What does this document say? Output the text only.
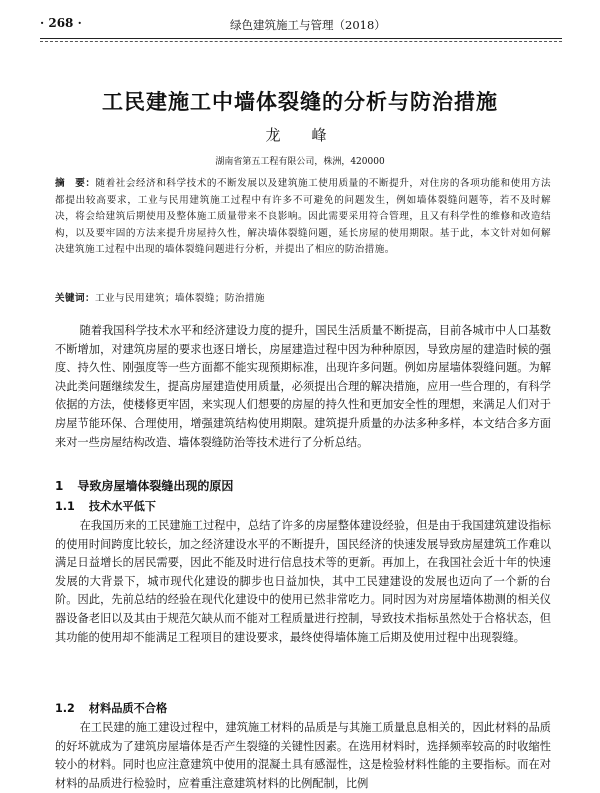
· 268 ·	绿色建筑施工与管理（2018）
工民建施工中墙体裂缝的分析与防治措施
龙　峰
湖南省第五工程有限公司，株洲，420000
摘　要：随着社会经济和科学技术的不断发展以及建筑施工使用质量的不断提升，对住房的各项功能和使用方法都提出较高要求，工业与民用建筑施工过程中有许多不可避免的问题发生，例如墙体裂缝问题等，若不及时解决，将会给建筑后期使用及整体施工质量带来不良影响。因此需要采用符合管理，且又有科学性的维修和改造结构，以及要牢固的方法来提升房屋持久性，解决墙体裂缝问题，延长房屋的使用期限。基于此，本文针对如何解决建筑施工过程中出现的墙体裂缝问题进行分析，并提出了相应的防治措施。
关键词：工业与民用建筑；墙体裂缝；防治措施
随着我国科学技术水平和经济建设力度的提升，国民生活质量不断提高，目前各城市中人口基数不断增加，对建筑房屋的要求也逐日增长，房屋建造过程中因为种种原因，导致房屋的建造时候的强度、持久性、刚强度等一些方面都不能实现预期标准，出现许多问题。例如房屋墙体裂缝问题。为解决此类问题继续发生，提高房屋建造使用质量，必须提出合理的解决措施，应用一些合理的，有科学依据的方法，使楼修更牢固，来实现人们想要的房屋的持久性和更加安全性的理想，来满足人们对于房屋节能环保、合理使用，增强建筑结构使用期限。建筑提升质量的办法多种多样，本文结合多方面来对一些房屋结构改造、墙体裂缝防治等技术进行了分析总结。
1 导致房屋墙体裂缝出现的原因
1.1 技术水平低下
在我国历来的工民建施工过程中，总结了许多的房屋整体建设经验，但是由于我国建筑建设指标的使用时间跨度比较长，加之经济建设水平的不断提升，国民经济的快速发展导致房屋建筑工作难以满足日益增长的居民需要，因此不能及时进行信息技术等的更新。再加上，在我国社会近十年的快速发展的大背景下，城市现代化建设的脚步也日益加快，其中工民建建设的发展也迈向了一个新的台阶。因此，先前总结的经验在现代化建设中的使用已然非常吃力。同时因为对房屋墙体勘测的相关仪器设备老旧以及其由于规范欠缺从而不能对工程质量进行控制，导致技术指标虽然处于合格状态，但其功能的使用却不能满足工程项目的建设要求，最终使得墙体施工后期及使用过程中出现裂缝。
1.2 材料品质不合格
在工民建的施工建设过程中，建筑施工材料的品质是与其施工质量息息相关的，因此材料的品质的好坏就成为了建筑房屋墙体是否产生裂缝的关键性因素。在选用材料时，选择频率较高的时收缩性较小的材料。同时也应注意建筑中使用的混凝土具有感湿性，这是检验材料性能的主要指标。而在对材料的品质进行检验时，应着重注意建筑材料的比例配制，比例
